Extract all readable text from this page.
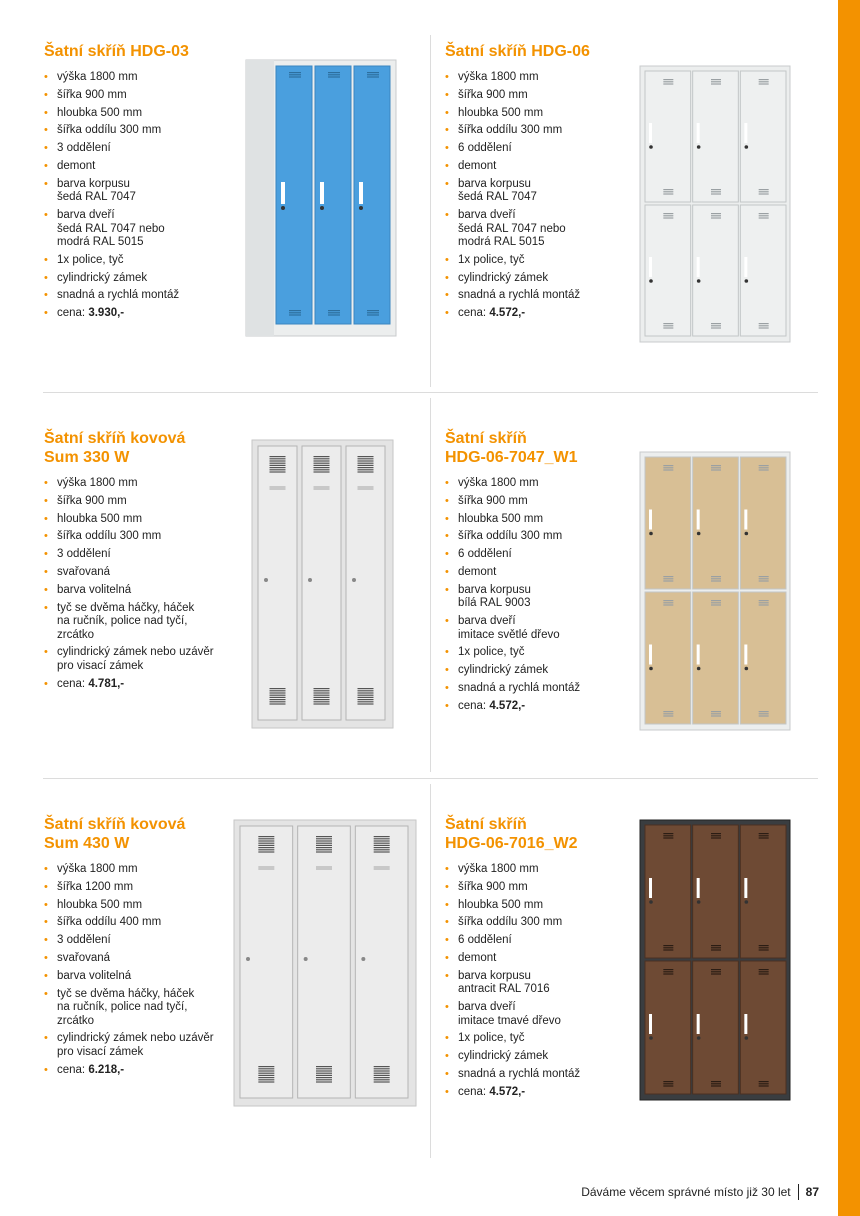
Šatní skříň HDG-03
• výška 1800 mm
• šířka 900 mm
• hloubka 500 mm
• šířka oddílu 300 mm
• 3 oddělení
• demont
• barva korpusu
šedá RAL 7047
• barva dveří
šedá RAL 7047 nebo
modrá RAL 5015
• 1x police, tyč
• cylindrický zámek
• snadná a rychlá montáž
• cena: 3.930,-
Šatní skříň HDG-06
• výška 1800 mm
• šířka 900 mm
• hloubka 500 mm
• šířka oddílu 300 mm
• 6 oddělení
• demont
• barva korpusu
šedá RAL 7047
• barva dveří
šedá RAL 7047 nebo
modrá RAL 5015
• 1x police, tyč
• cylindrický zámek
• snadná a rychlá montáž
• cena: 4.572,-
Šatní skříň kovová
Sum 330 W
• výška 1800 mm
• šířka 900 mm
• hloubka 500 mm
• šířka oddílu 300 mm
• 3 oddělení
• svařovaná
• barva volitelná
• tyč se dvěma háčky, háček
na ručník, police nad tyčí,
zrcátko
• cylindrický zámek nebo uzávěr
pro visací zámek
• cena: 4.781,-
Šatní skříň
HDG-06-7047_W1
• výška 1800 mm
• šířka 900 mm
• hloubka 500 mm
• šířka oddílu 300 mm
• 6 oddělení
• demont
• barva korpusu
bílá RAL 9003
• barva dveří
imitace světlé dřevo
• 1x police, tyč
• cylindrický zámek
• snadná a rychlá montáž
• cena: 4.572,-
Šatní skříň kovová
Sum 430 W
• výška 1800 mm
• šířka 1200 mm
• hloubka 500 mm
• šířka oddílu 400 mm
• 3 oddělení
• svařovaná
• barva volitelná
• tyč se dvěma háčky, háček
na ručník, police nad tyčí,
zrcátko
• cylindrický zámek nebo uzávěr
pro visací zámek
• cena: 6.218,-
Šatní skříň
HDG-06-7016_W2
• výška 1800 mm
• šířka 900 mm
• hloubka 500 mm
• šířka oddílu 300 mm
• 6 oddělení
• demont
• barva korpusu
antracit RAL 7016
• barva dveří
imitace tmavé dřevo
• 1x police, tyč
• cylindrický zámek
• snadná a rychlá montáž
• cena: 4.572,-
Dáváme věcem správné místo již 30 let 87
